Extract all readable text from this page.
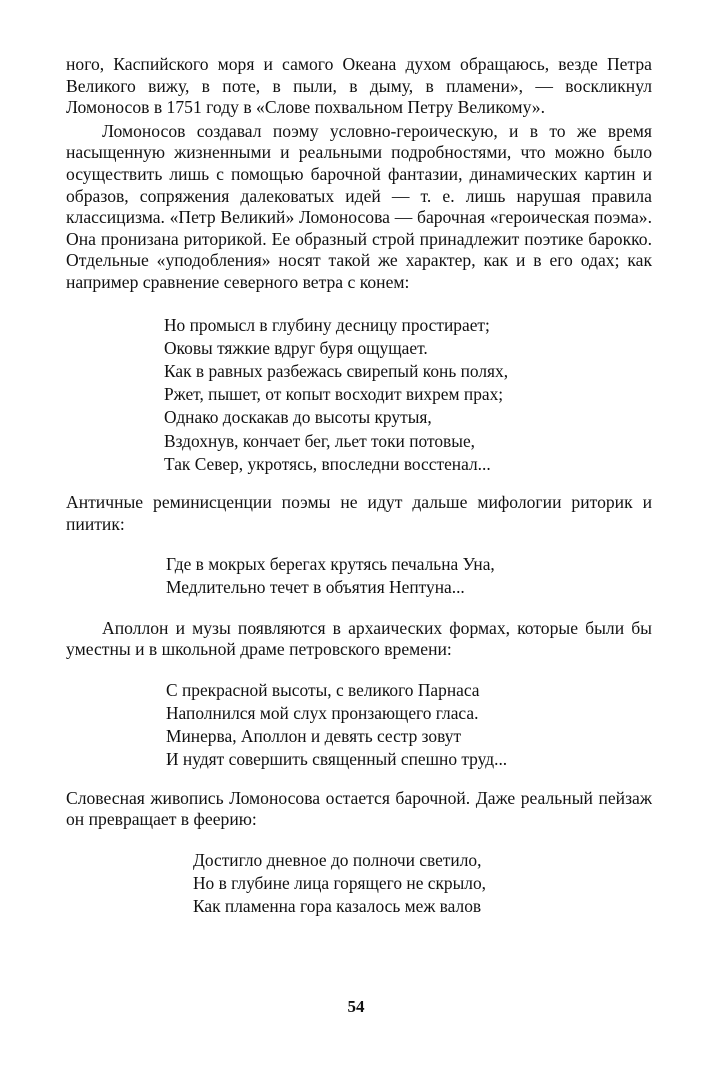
ного, Каспийского моря и самого Океана духом обращаюсь, везде Петра Великого вижу, в поте, в пыли, в дыму, в пламени», — воскликнул Ломоносов в 1751 году в «Слове похвальном Петру Великому».

Ломоносов создавал поэму условно-героическую, и в то же время насыщенную жизненными и реальными подробностями, что можно было осуществить лишь с помощью барочной фантазии, динамических картин и образов, сопряжения далековатых идей — т. е. лишь нарушая правила классицизма. «Петр Великий» Ломоносова — барочная «героическая поэма». Она пронизана риторикой. Ее образный строй принадлежит поэтике барокко. Отдельные «уподобления» носят такой же характер, как и в его одах; как например сравнение северного ветра с конем:

Но промысл в глубину десницу простирает;
Оковы тяжкие вдруг буря ощущает.
Как в равных разбежась свирепый конь полях,
Ржет, пышет, от копыт восходит вихрем прах;
Однако доскакав до высоты крутыя,
Вздохнув, кончает бег, льет токи потовые,
Так Север, укротясь, впоследни восстенал...

Античные реминисценции поэмы не идут дальше мифологии риторик и пиитик:

Где в мокрых берегах крутясь печальна Уна,
Медлительно течет в объятия Нептуна...

Аполлон и музы появляются в архаических формах, которые были бы уместны и в школьной драме петровского времени:

С прекрасной высоты, с великого Парнаса
Наполнился мой слух пронзающего гласа.
Минерва, Аполлон и девять сестр зовут
И нудят совершить священный спешно труд...

Словесная живопись Ломоносова остается барочной. Даже реальный пейзаж он превращает в феерию:

Достигло дневное до полночи светило,
Но в глубине лица горящего не скрыло,
Как пламенна гора казалось меж валов
54
